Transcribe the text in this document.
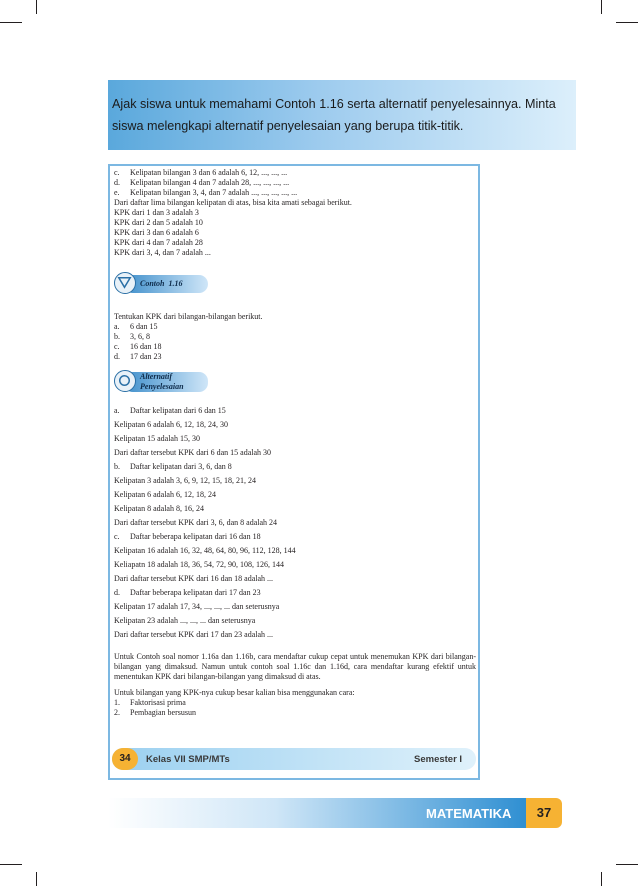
Ajak siswa untuk memahami Contoh 1.16 serta alternatif penyelesainnya. Minta siswa melengkapi alternatif penyelesaian yang berupa titik-titik.
c.	Kelipatan bilangan 3 dan 6 adalah 6, 12, ..., ..., ...
d.	Kelipatan bilangan 4 dan 7 adalah 28, ..., ..., ..., ...
e.	Kelipatan bilangan 3, 4, dan 7 adalah ..., ..., ..., ..., ...
Dari daftar lima bilangan kelipatan di atas, bisa kita amati sebagai berikut.
KPK dari 1 dan 3 adalah 3
KPK dari 2 dan 5 adalah 10
KPK dari 3 dan 6 adalah 6
KPK dari 4 dan 7 adalah 28
KPK dari 3, 4, dan 7 adalah ...
Contoh 1.16
Tentukan KPK dari bilangan-bilangan berikut.
a.	6 dan 15
b.	3, 6, 8
c.	16 dan 18
d.	17 dan 23
Alternatif
Penyelesaian
a.	Daftar kelipatan dari 6 dan 15
Kelipatan 6 adalah 6, 12, 18, 24, 30
Kelipatan 15 adalah 15, 30
Dari daftar tersebut KPK dari 6 dan 15 adalah 30
b.	Daftar kelipatan dari 3, 6, dan 8
Kelipatan 3 adalah 3, 6, 9, 12, 15, 18, 21, 24
Kelipatan 6 adalah 6, 12, 18, 24
Kelipatan 8 adalah 8, 16, 24
Dari daftar tersebut KPK dari 3, 6, dan 8 adalah 24
c.	Daftar beberapa kelipatan dari 16 dan 18
Kelipatan 16 adalah 16, 32, 48, 64, 80, 96, 112, 128, 144
Keliapatn 18 adalah 18, 36, 54, 72, 90, 108, 126, 144
Dari daftar tersebut KPK dari 16 dan 18 adalah ...
d.	Daftar beberapa kelipatan dari 17 dan 23
Kelipatan 17 adalah 17, 34, ..., ..., ... dan seterusnya
Kelipatan 23 adalah ..., ..., ... dan seterusnya
Dari daftar tersebut KPK dari 17 dan 23 adalah ...
Untuk Contoh soal nomor 1.16a dan 1.16b, cara mendaftar cukup cepat untuk menemukan KPK dari bilangan-bilangan yang dimaksud. Namun untuk contoh soal 1.16c dan 1.16d, cara mendaftar kurang efektif untuk menentukan KPK dari bilangan-bilangan yang dimaksud di atas.
Untuk bilangan yang KPK-nya cukup besar kalian bisa menggunakan cara:
1.	Faktorisasi prima
2.	Pembagian bersusun
34	Kelas VII SMP/MTs	Semester I
MATEMATIKA	37
